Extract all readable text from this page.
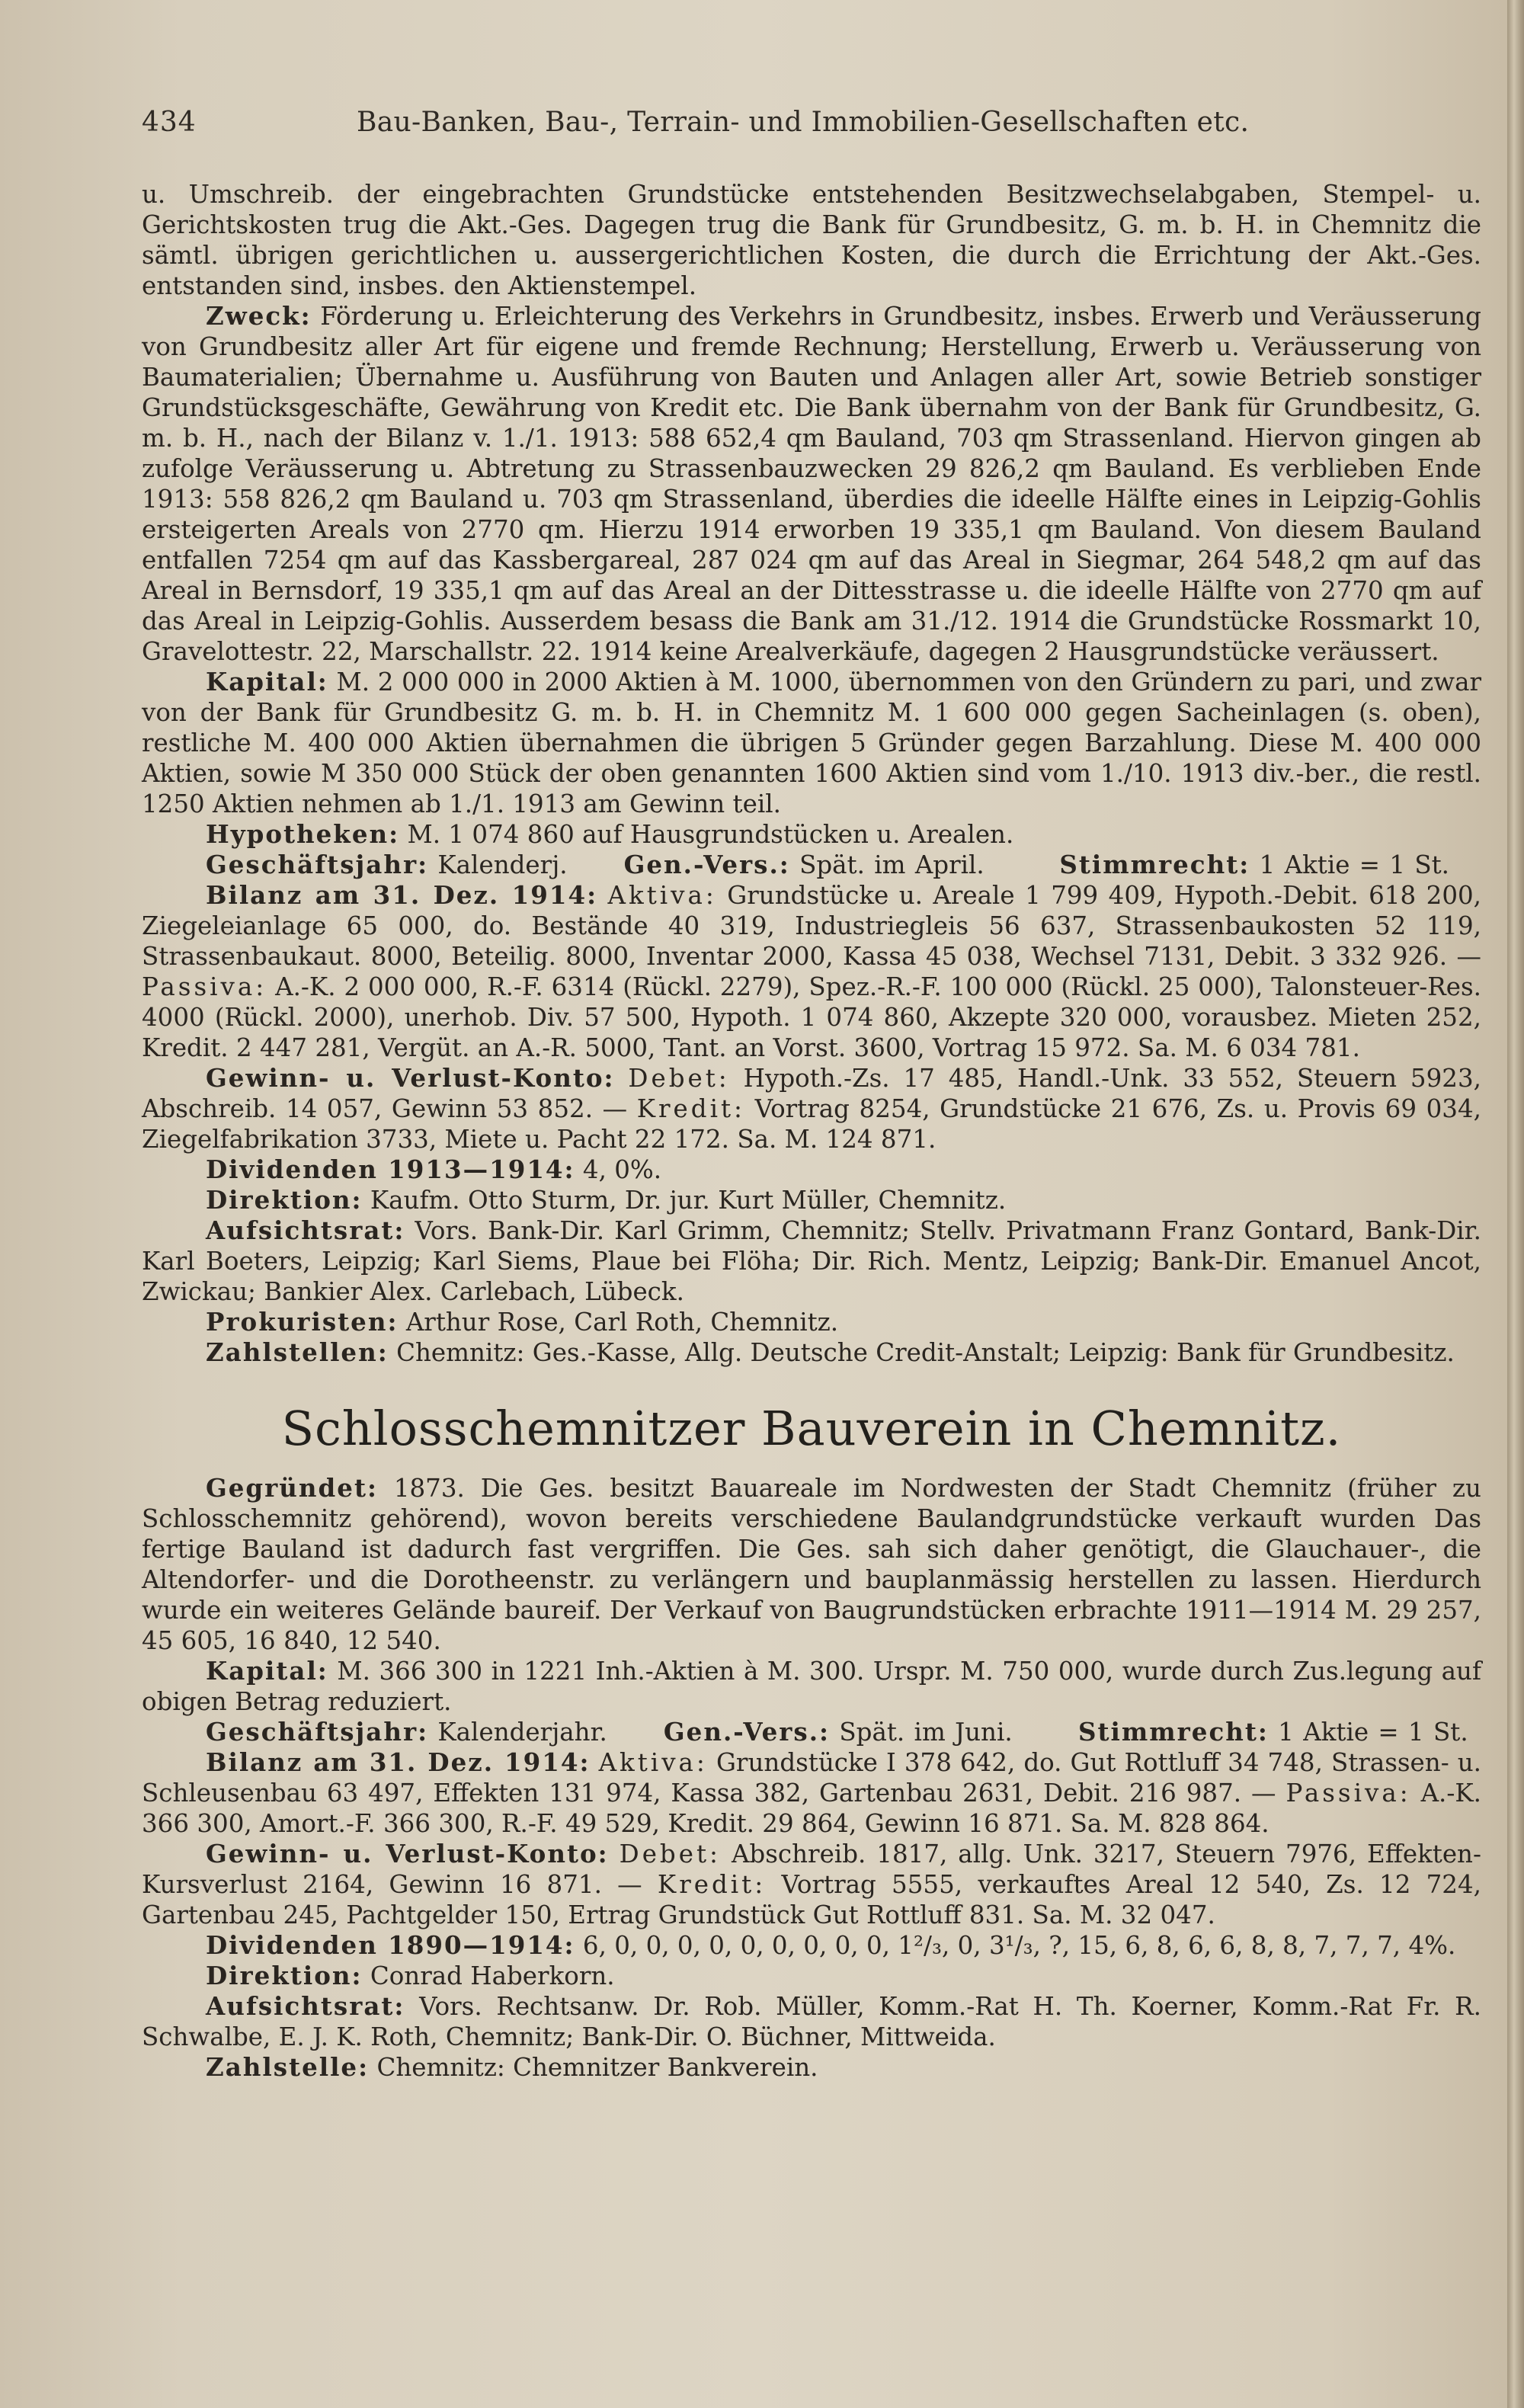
434	Bau-Banken, Bau-, Terrain- und Immobilien-Gesellschaften etc.

u. Umschreib. der eingebrachten Grundstücke entstehenden Besitzwechselabgaben, Stempel- u. Gerichtskosten trug die Akt.-Ges. Dagegen trug die Bank für Grundbesitz, G. m. b. H. in Chemnitz die sämtl. übrigen gerichtlichen u. aussergerichtlichen Kosten, die durch die Errichtung der Akt.-Ges. entstanden sind, insbes. den Aktienstempel.

Zweck: Förderung u. Erleichterung des Verkehrs in Grundbesitz, insbes. Erwerb und Veräusserung von Grundbesitz aller Art für eigene und fremde Rechnung; Herstellung, Erwerb u. Veräusserung von Baumaterialien; Übernahme u. Ausführung von Bauten und Anlagen aller Art, sowie Betrieb sonstiger Grundstücksgeschäfte, Gewährung von Kredit etc. Die Bank übernahm von der Bank für Grundbesitz, G. m. b. H., nach der Bilanz v. 1./1. 1913: 588 652,4 qm Bauland, 703 qm Strassenland. Hiervon gingen ab zufolge Veräusserung u. Abtretung zu Strassenbauzwecken 29 826,2 qm Bauland. Es verblieben Ende 1913: 558 826,2 qm Bauland u. 703 qm Strassenland, überdies die ideelle Hälfte eines in Leipzig-Gohlis ersteigerten Areals von 2770 qm. Hierzu 1914 erworben 19 335,1 qm Bauland. Von diesem Bauland entfallen 7254 qm auf das Kassbergareal, 287 024 qm auf das Areal in Siegmar, 264 548,2 qm auf das Areal in Bernsdorf, 19 335,1 qm auf das Areal an der Dittesstrasse u. die ideelle Hälfte von 2770 qm auf das Areal in Leipzig-Gohlis. Ausserdem besass die Bank am 31./12. 1914 die Grundstücke Rossmarkt 10, Gravelottestr. 22, Marschallstr. 22. 1914 keine Arealverkäufe, dagegen 2 Hausgrundstücke veräussert.

Kapital: M. 2 000 000 in 2000 Aktien à M. 1000, übernommen von den Gründern zu pari, und zwar von der Bank für Grundbesitz G. m. b. H. in Chemnitz M. 1 600 000 gegen Sacheinlagen (s. oben), restliche M. 400 000 Aktien übernahmen die übrigen 5 Gründer gegen Barzahlung. Diese M. 400 000 Aktien, sowie M 350 000 Stück der oben genannten 1600 Aktien sind vom 1./10. 1913 div.-ber., die restl. 1250 Aktien nehmen ab 1./1. 1913 am Gewinn teil.

Hypotheken: M. 1 074 860 auf Hausgrundstücken u. Arealen.

Geschäftsjahr: Kalenderj. Gen.-Vers.: Spät. im April.	Stimmrecht: 1 Aktie = 1 St.

Bilanz am 31. Dez. 1914: Aktiva: Grundstücke u. Areale 1 799 409, Hypoth.-Debit. 618 200, Ziegeleianlage 65 000, do. Bestände 40 319, Industriegleis 56 637, Strassenbaukosten 52 119, Strassenbaukaut. 8000, Beteilig. 8000, Inventar 2000, Kassa 45 038, Wechsel 7131, Debit. 3 332 926. — Passiva: A.-K. 2 000 000, R.-F. 6314 (Rückl. 2279), Spez.-R.-F. 100 000 (Rückl. 25 000), Talonsteuer-Res. 4000 (Rückl. 2000), unerhob. Div. 57 500, Hypoth. 1 074 860, Akzepte 320 000, vorausbez. Mieten 252, Kredit. 2 447 281, Vergüt. an A.-R. 5000, Tant. an Vorst. 3600, Vortrag 15 972. Sa. M. 6 034 781.

Gewinn- u. Verlust-Konto: Debet: Hypoth.-Zs. 17 485, Handl.-Unk. 33 552, Steuern 5923, Abschreib. 14 057, Gewinn 53 852. — Kredit: Vortrag 8254, Grundstücke 21 676, Zs. u. Provis 69 034, Ziegelfabrikation 3733, Miete u. Pacht 22 172. Sa. M. 124 871.

Dividenden 1913—1914: 4, 0%.

Direktion: Kaufm. Otto Sturm, Dr. jur. Kurt Müller, Chemnitz.

Aufsichtsrat: Vors. Bank-Dir. Karl Grimm, Chemnitz; Stellv. Privatmann Franz Gontard, Bank-Dir. Karl Boeters, Leipzig; Karl Siems, Plaue bei Flöha; Dir. Rich. Mentz, Leipzig; Bank-Dir. Emanuel Ancot, Zwickau; Bankier Alex. Carlebach, Lübeck.

Prokuristen: Arthur Rose, Carl Roth, Chemnitz.

Zahlstellen: Chemnitz: Ges.-Kasse, Allg. Deutsche Credit-Anstalt; Leipzig: Bank für Grundbesitz.

Schlosschemnitzer Bauverein in Chemnitz.

Gegründet: 1873. Die Ges. besitzt Bauareale im Nordwesten der Stadt Chemnitz (früher zu Schlosschemnitz gehörend), wovon bereits verschiedene Baulandgrundstücke verkauft wurden Das fertige Bauland ist dadurch fast vergriffen. Die Ges. sah sich daher genötigt, die Glauchauer-, die Altendorfer- und die Dorotheenstr. zu verlängern und bauplanmässig herstellen zu lassen. Hierdurch wurde ein weiteres Gelände baureif. Der Verkauf von Baugrundstücken erbrachte 1911—1914 M. 29 257, 45 605, 16 840, 12 540.

Kapital: M. 366 300 in 1221 Inh.-Aktien à M. 300. Urspr. M. 750 000, wurde durch Zus.legung auf obigen Betrag reduziert.

Geschäftsjahr: Kalenderjahr. Gen.-Vers.: Spät. im Juni.	Stimmrecht: 1 Aktie = 1 St.

Bilanz am 31. Dez. 1914: Aktiva: Grundstücke I 378 642, do. Gut Rottluff 34 748, Strassen- u. Schleusenbau 63 497, Effekten 131 974, Kassa 382, Gartenbau 2631, Debit. 216 987. — Passiva: A.-K. 366 300, Amort.-F. 366 300, R.-F. 49 529, Kredit. 29 864, Gewinn 16 871. Sa. M. 828 864.

Gewinn- u. Verlust-Konto: Debet: Abschreib. 1817, allg. Unk. 3217, Steuern 7976, Effekten-Kursverlust 2164, Gewinn 16 871. — Kredit: Vortrag 5555, verkauftes Areal 12 540, Zs. 12 724, Gartenbau 245, Pachtgelder 150, Ertrag Grundstück Gut Rottluff 831. Sa. M. 32 047.

Dividenden 1890—1914: 6, 0, 0, 0, 0, 0, 0, 0, 0, 0, 1²/₃, 0, 3¹/₃, ?, 15, 6, 8, 6, 6, 8, 8, 7, 7, 7, 4%.

Direktion: Conrad Haberkorn.

Aufsichtsrat: Vors. Rechtsanw. Dr. Rob. Müller, Komm.-Rat H. Th. Koerner, Komm.-Rat Fr. R. Schwalbe, E. J. K. Roth, Chemnitz; Bank-Dir. O. Büchner, Mittweida.

Zahlstelle: Chemnitz: Chemnitzer Bankverein.
